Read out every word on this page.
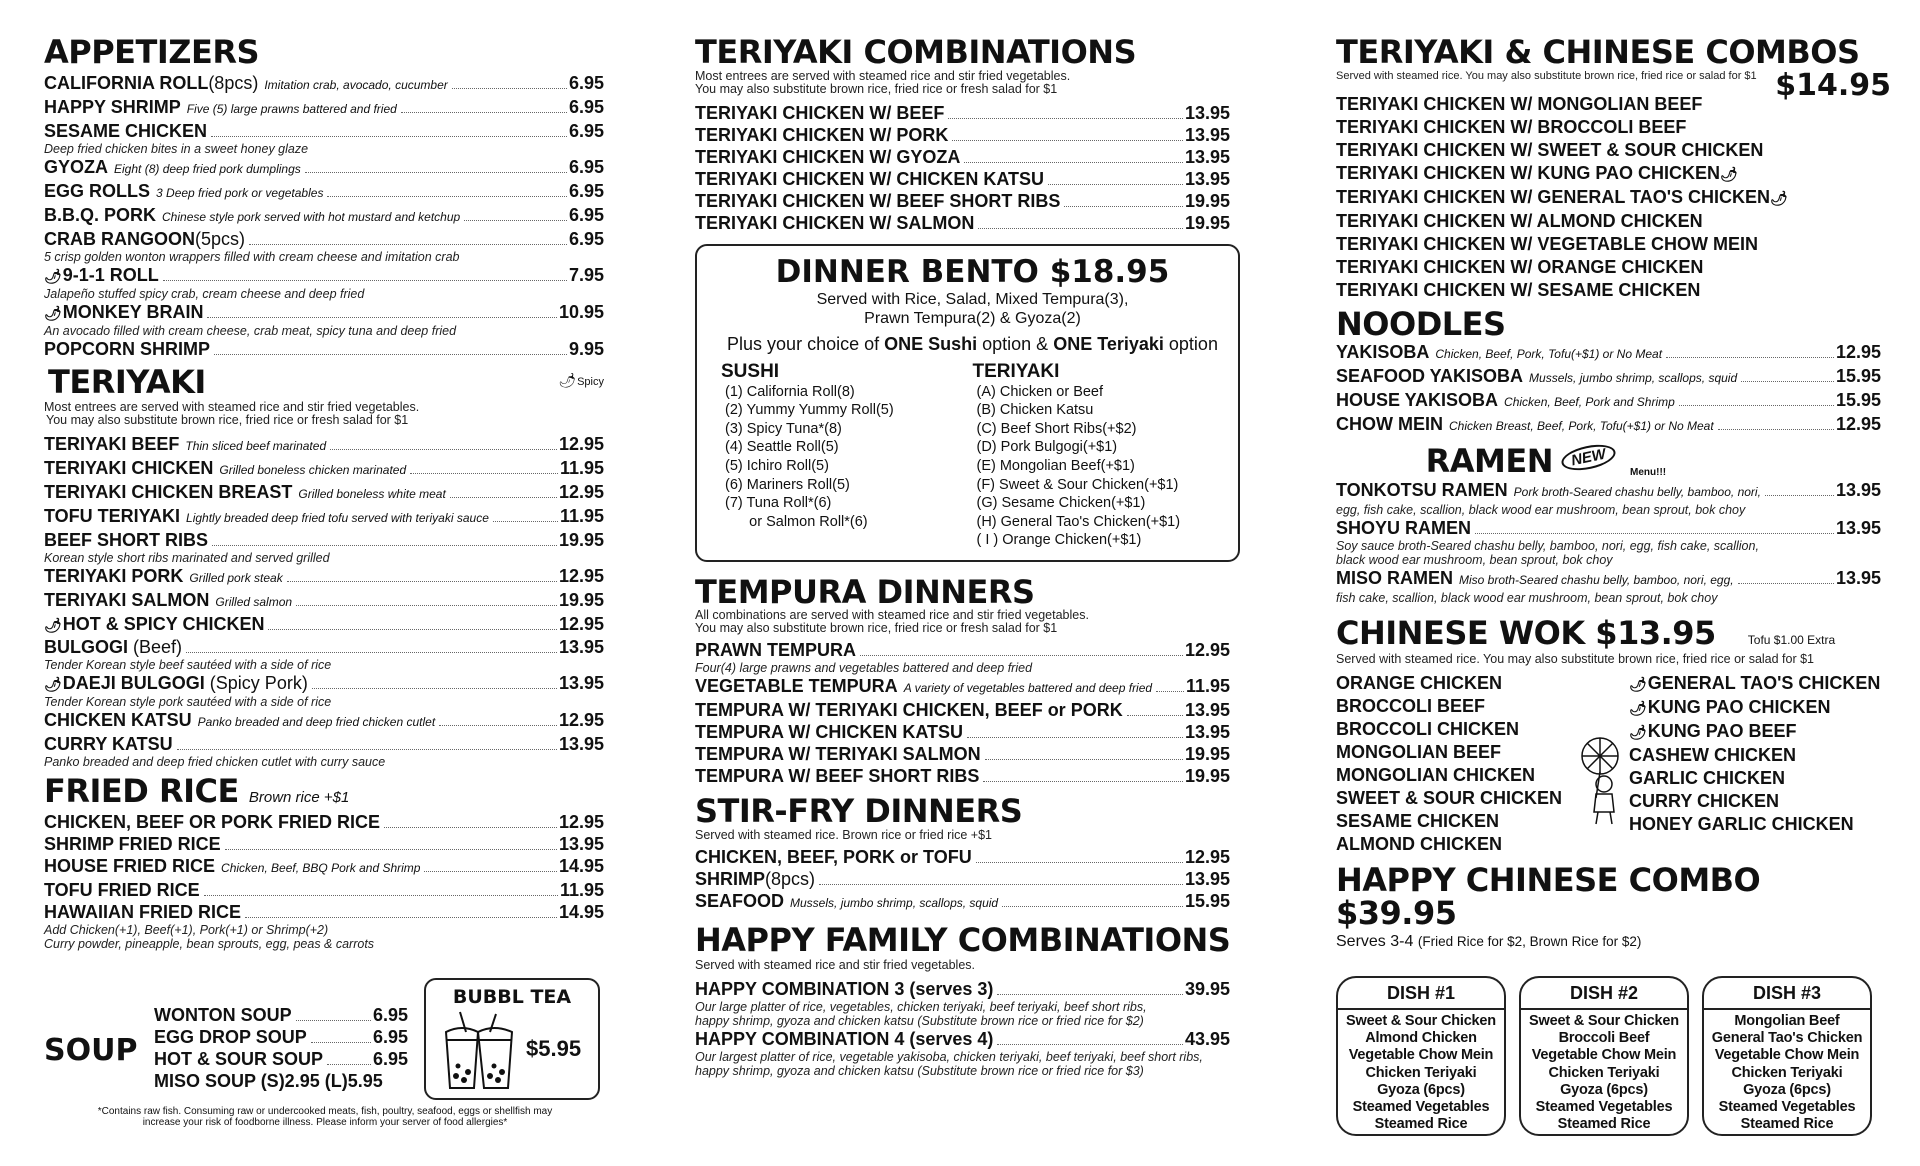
APPETIZERS
CALIFORNIA ROLL(8pcs) Imitation crab, avocado, cucumber	6.95
HAPPY SHRIMP Five (5) large prawns battered and fried	6.95
SESAME CHICKEN	6.95
Deep fried chicken bites in a sweet honey glaze
GYOZA Eight (8) deep fried pork dumplings	6.95
EGG ROLLS 3 Deep fried pork or vegetables	6.95
B.B.Q. PORK Chinese style pork served with hot mustard and ketchup	6.95
CRAB RANGOON(5pcs)	6.95
5 crisp golden wonton wrappers filled with cream cheese and imitation crab
🌶9-1-1 ROLL	7.95
Jalapeño stuffed spicy crab, cream cheese and deep fried
🌶MONKEY BRAIN	10.95
An avocado filled with cream cheese, crab meat, spicy tuna and deep fried
POPCORN SHRIMP	9.95
TERIYAKI	🌶Spicy
Most entrees are served with steamed rice and stir fried vegetables.
You may also substitute brown rice, fried rice or fresh salad for $1
TERIYAKI BEEF Thin sliced beef marinated	12.95
TERIYAKI CHICKEN Grilled boneless chicken marinated	11.95
TERIYAKI CHICKEN BREAST Grilled boneless white meat	12.95
TOFU TERIYAKI Lightly breaded deep fried tofu served with teriyaki sauce	11.95
BEEF SHORT RIBS	19.95
Korean style short ribs marinated and served grilled
TERIYAKI PORK Grilled pork steak	12.95
TERIYAKI SALMON Grilled salmon	19.95
🌶HOT & SPICY CHICKEN	12.95
BULGOGI (Beef)	13.95
Tender Korean style beef sautéed with a side of rice
🌶DAEJI BULGOGI (Spicy Pork)	13.95
Tender Korean style pork sautéed with a side of rice
CHICKEN KATSU Panko breaded and deep fried chicken cutlet	12.95
CURRY KATSU	13.95
Panko breaded and deep fried chicken cutlet with curry sauce
FRIED RICE Brown rice +$1
CHICKEN, BEEF OR PORK FRIED RICE	12.95
SHRIMP FRIED RICE	13.95
HOUSE FRIED RICE Chicken, Beef, BBQ Pork and Shrimp	14.95
TOFU FRIED RICE	11.95
HAWAIIAN FRIED RICE	14.95
Add Chicken(+1), Beef(+1), Pork(+1) or Shrimp(+2)
Curry powder, pineapple, bean sprouts, egg, peas & carrots
SOUP
WONTON SOUP	6.95
EGG DROP SOUP	6.95
HOT & SOUR SOUP	6.95
MISO SOUP (S)2.95 (L)5.95
BUBBL TEA
$5.95
*Contains raw fish. Consuming raw or undercooked meats, fish, poultry, seafood, eggs or shellfish may
increase your risk of foodborne illness. Please inform your server of food allergies*
TERIYAKI COMBINATIONS
Most entrees are served with steamed rice and stir fried vegetables.
You may also substitute brown rice, fried rice or fresh salad for $1
TERIYAKI CHICKEN W/ BEEF	13.95
TERIYAKI CHICKEN W/ PORK	13.95
TERIYAKI CHICKEN W/ GYOZA	13.95
TERIYAKI CHICKEN W/ CHICKEN KATSU	13.95
TERIYAKI CHICKEN W/ BEEF SHORT RIBS	19.95
TERIYAKI CHICKEN W/ SALMON	19.95
DINNER BENTO $18.95
Served with Rice, Salad, Mixed Tempura(3),
Prawn Tempura(2) & Gyoza(2)
Plus your choice of ONE Sushi option & ONE Teriyaki option
SUSHI
(1) California Roll(8)
(2) Yummy Yummy Roll(5)
(3) Spicy Tuna*(8)
(4) Seattle Roll(5)
(5) Ichiro Roll(5)
(6) Mariners Roll(5)
(7) Tuna Roll*(6)
or Salmon Roll*(6)
TERIYAKI
(A) Chicken or Beef
(B) Chicken Katsu
(C) Beef Short Ribs(+$2)
(D) Pork Bulgogi(+$1)
(E) Mongolian Beef(+$1)
(F) Sweet & Sour Chicken(+$1)
(G) Sesame Chicken(+$1)
(H) General Tao's Chicken(+$1)
( I ) Orange Chicken(+$1)
TEMPURA DINNERS
All combinations are served with steamed rice and stir fried vegetables.
You may also substitute brown rice, fried rice or fresh salad for $1
PRAWN TEMPURA	12.95
Four(4) large prawns and vegetables battered and deep fried
VEGETABLE TEMPURA A variety of vegetables battered and deep fried 11.95
TEMPURA W/ TERIYAKI CHICKEN, BEEF or PORK	13.95
TEMPURA W/ CHICKEN KATSU	13.95
TEMPURA W/ TERIYAKI SALMON	19.95
TEMPURA W/ BEEF SHORT RIBS	19.95
STIR-FRY DINNERS
Served with steamed rice. Brown rice or fried rice +$1
CHICKEN, BEEF, PORK or TOFU	12.95
SHRIMP(8pcs)	13.95
SEAFOOD Mussels, jumbo shrimp, scallops, squid	15.95
HAPPY FAMILY COMBINATIONS
Served with steamed rice and stir fried vegetables.
HAPPY COMBINATION 3 (serves 3)	39.95
Our large platter of rice, vegetables, chicken teriyaki, beef teriyaki, beef short ribs,
happy shrimp, gyoza and chicken katsu (Substitute brown rice or fried rice for $2)
HAPPY COMBINATION 4 (serves 4)	43.95
Our largest platter of rice, vegetable yakisoba, chicken teriyaki, beef teriyaki, beef short ribs,
happy shrimp, gyoza and chicken katsu (Substitute brown rice or fried rice for $3)
TERIYAKI & CHINESE COMBOS
Served with steamed rice. You may also substitute brown rice, fried rice or salad for $1 $14.95
TERIYAKI CHICKEN W/ MONGOLIAN BEEF
TERIYAKI CHICKEN W/ BROCCOLI BEEF
TERIYAKI CHICKEN W/ SWEET & SOUR CHICKEN
TERIYAKI CHICKEN W/ KUNG PAO CHICKEN🌶
TERIYAKI CHICKEN W/ GENERAL TAO'S CHICKEN🌶
TERIYAKI CHICKEN W/ ALMOND CHICKEN
TERIYAKI CHICKEN W/ VEGETABLE CHOW MEIN
TERIYAKI CHICKEN W/ ORANGE CHICKEN
TERIYAKI CHICKEN W/ SESAME CHICKEN
NOODLES
YAKISOBA Chicken, Beef, Pork, Tofu(+$1) or No Meat	12.95
SEAFOOD YAKISOBA Mussels, jumbo shrimp, scallops, squid	15.95
HOUSE YAKISOBA Chicken, Beef, Pork and Shrimp	15.95
CHOW MEIN Chicken Breast, Beef, Pork, Tofu(+$1) or No Meat	12.95
RAMEN NEW
Menu!!!
TONKOTSU RAMEN Pork broth-Seared chashu belly, bamboo, nori,	13.95
egg, fish cake, scallion, black wood ear mushroom, bean sprout, bok choy
SHOYU RAMEN	13.95
Soy sauce broth-Seared chashu belly, bamboo, nori, egg, fish cake, scallion,
black wood ear mushroom, bean sprout, bok choy
MISO RAMEN Miso broth-Seared chashu belly, bamboo, nori, egg,	13.95
fish cake, scallion, black wood ear mushroom, bean sprout, bok choy
CHINESE WOK $13.95	Tofu $1.00 Extra
Served with steamed rice. You may also substitute brown rice, fried rice or salad for $1
ORANGE CHICKEN
BROCCOLI BEEF
BROCCOLI CHICKEN
MONGOLIAN BEEF
MONGOLIAN CHICKEN
SWEET & SOUR CHICKEN
SESAME CHICKEN
ALMOND CHICKEN
🌶GENERAL TAO'S CHICKEN
🌶KUNG PAO CHICKEN
🌶KUNG PAO BEEF
CASHEW CHICKEN
GARLIC CHICKEN
CURRY CHICKEN
HONEY GARLIC CHICKEN
HAPPY CHINESE COMBO $39.95
Serves 3-4 (Fried Rice for $2, Brown Rice for $2)
DISH #1
Sweet & Sour Chicken
Almond Chicken
Vegetable Chow Mein
Chicken Teriyaki
Gyoza (6pcs)
Steamed Vegetables
Steamed Rice
DISH #2
Sweet & Sour Chicken
Broccoli Beef
Vegetable Chow Mein
Chicken Teriyaki
Gyoza (6pcs)
Steamed Vegetables
Steamed Rice
DISH #3
Mongolian Beef
General Tao's Chicken
Vegetable Chow Mein
Chicken Teriyaki
Gyoza (6pcs)
Steamed Vegetables
Steamed Rice
